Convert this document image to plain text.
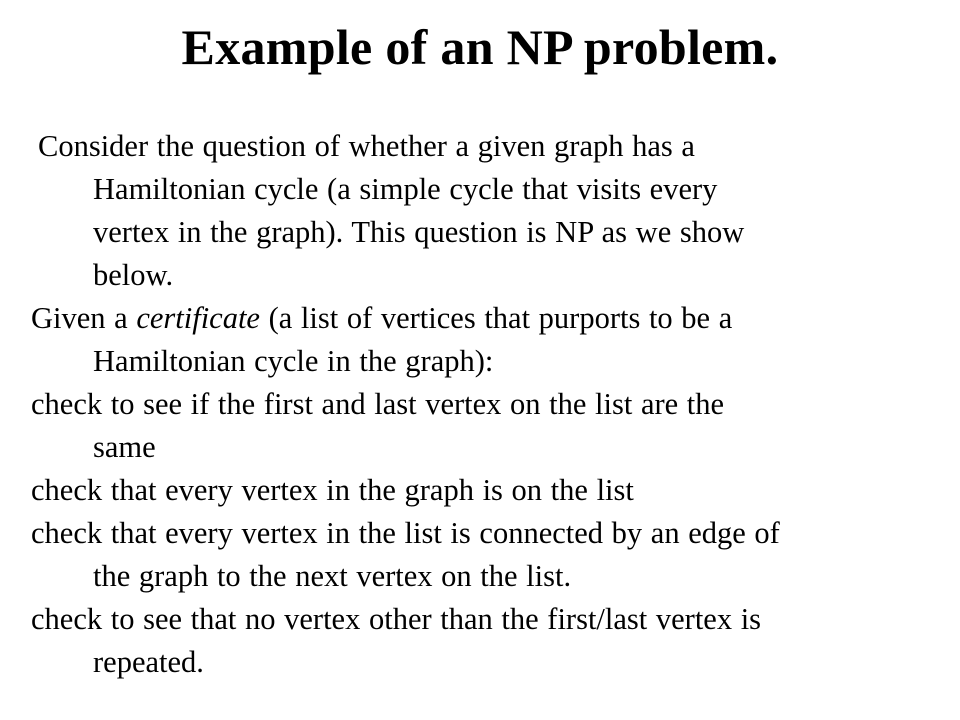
Example of an NP problem.

Consider the question of whether a given graph has a
Hamiltonian cycle (a simple cycle that visits every
vertex in the graph). This question is NP as we show
below.

Given a certificate (a list of vertices that purports to be a
Hamiltonian cycle in the graph):

check to see if the first and last vertex on the list are the
same

check that every vertex in the graph is on the list

check that every vertex in the list is connected by an edge of
the graph to the next vertex on the list.

check to see that no vertex other than the first/last vertex is
repeated.
